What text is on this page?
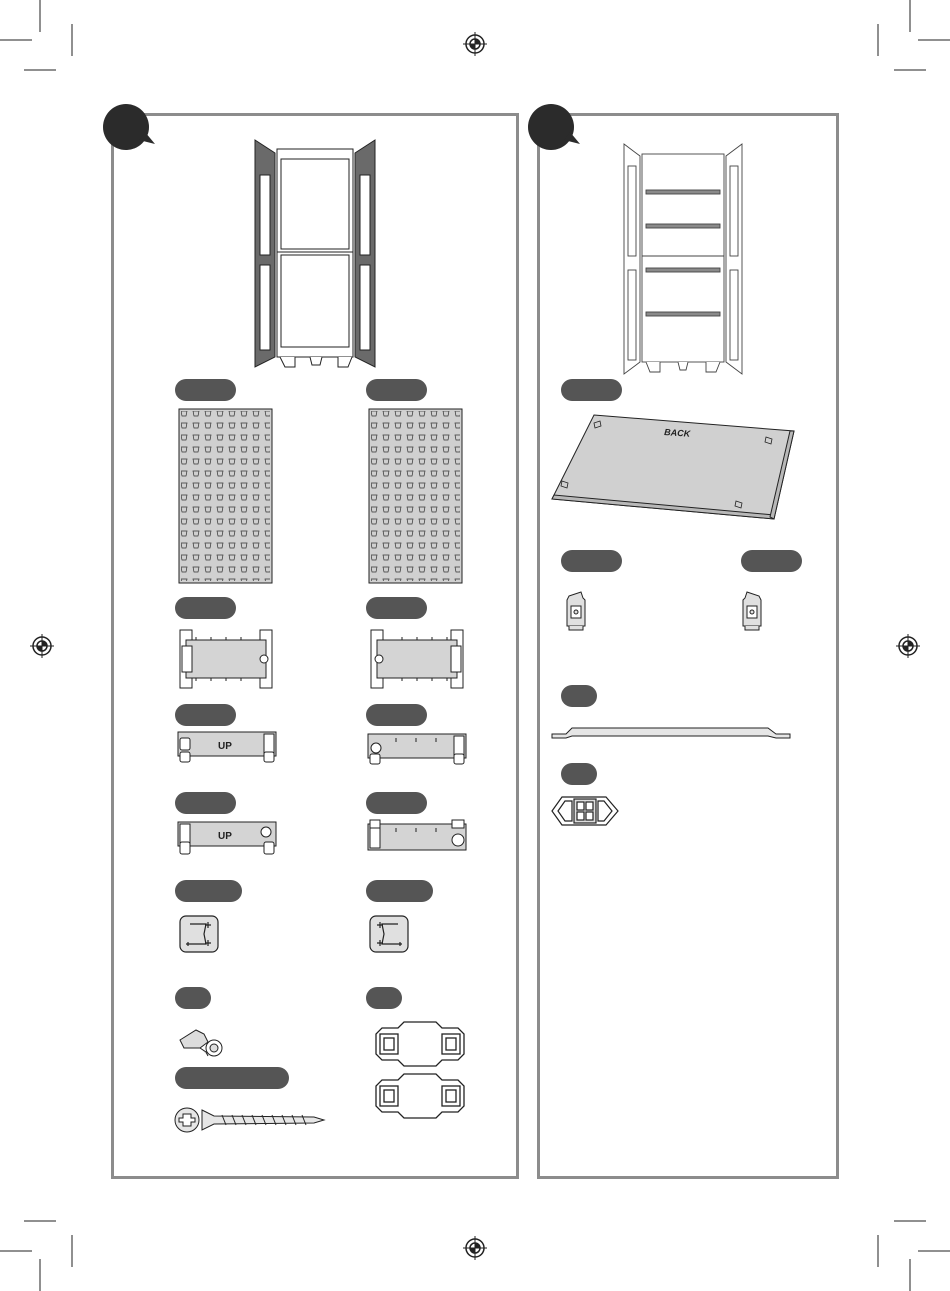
UP
UP
BACK
